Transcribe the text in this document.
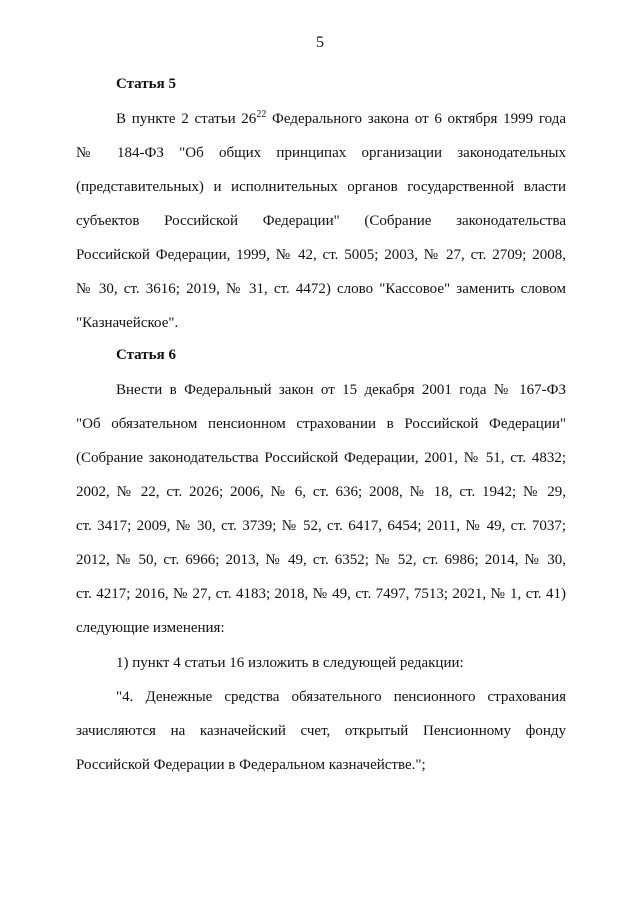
5
Статья 5
В пункте 2 статьи $26^{22}$ Федерального закона от 6 октября 1999 года
№ 184-ФЗ "Об общих принципах организации законодательных
(представительных) и исполнительных органов государственной власти
субъектов Российской Федерации" (Собрание законодательства
Российской Федерации, 1999, № 42, ст. 5005; 2003, № 27, ст. 2709; 2008,
№ 30, ст. 3616; 2019, № 31, ст. 4472) слово "Кассовое" заменить словом
"Казначейское".
Статья 6
Внести в Федеральный закон от 15 декабря 2001 года № 167-ФЗ
"Об обязательном пенсионном страховании в Российской Федерации"
(Собрание законодательства Российской Федерации, 2001, № 51, ст. 4832;
2002, № 22, ст. 2026; 2006, № 6, ст. 636; 2008, № 18, ст. 1942; № 29,
ст. 3417; 2009, № 30, ст. 3739; № 52, ст. 6417, 6454; 2011, № 49, ст. 7037;
2012, № 50, ст. 6966; 2013, № 49, ст. 6352; № 52, ст. 6986; 2014, № 30,
ст. 4217; 2016, № 27, ст. 4183; 2018, № 49, ст. 7497, 7513; 2021, № 1, ст. 41)
следующие изменения:
1) пункт 4 статьи 16 изложить в следующей редакции:
"4. Денежные средства обязательного пенсионного страхования
зачисляются на казначейский счет, открытый Пенсионному фонду
Российской Федерации в Федеральном казначействе.";
